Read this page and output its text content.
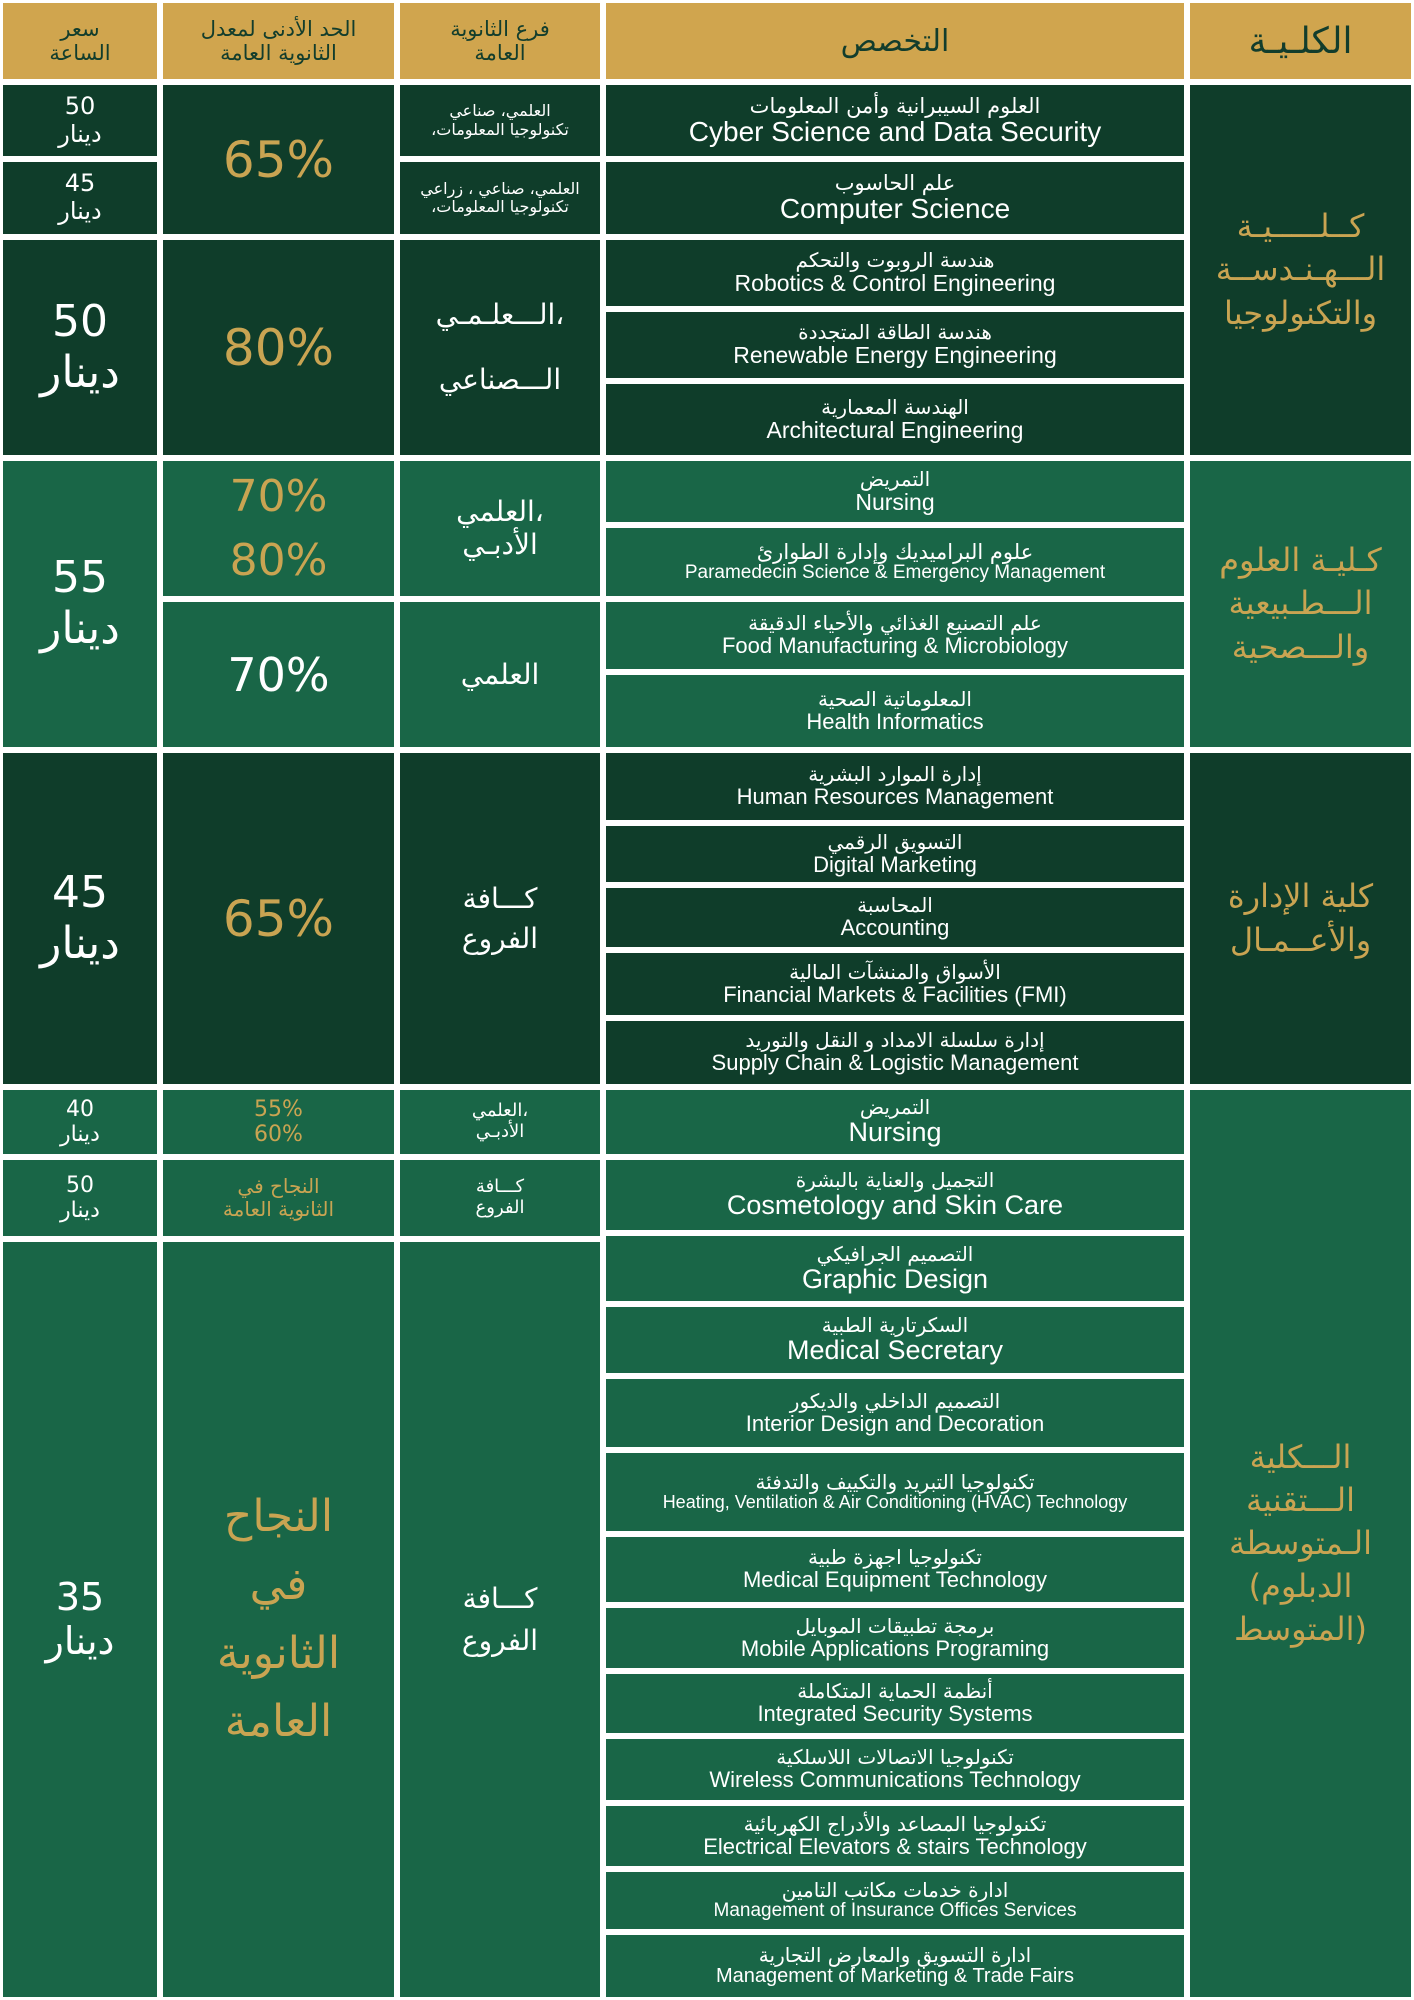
سعر
الساعة
الحد الأدنى لمعدل
الثانوية العامة
فرع الثانوية
العامة	التخصص	الكلـيـة
كــلـــــيـة
الـــهـنـدســة
والتكنولوجيا
كـليـة العلوم
الـــطـبيعية
والـــصحية
كلية الإدارة
والأعــمـال
الـــكلية
الـــتقنية
الـمتوسطة
(الدبلوم
المتوسط)
50
دينار
45
دينار
50
دينار
55
دينار
45
دينار
40
دينار
50
دينار
35
دينار
65%
80%
70%
80%
70%
65%
55%
60%
النجاح في
الثانوية العامة
النجاح
في
الثانوية
العامة
العلمي، صناعي
،تكنولوجيا المعلومات
العلمي، صناعي ، زراعي
،تكنولوجيا المعلومات
الـــعلـمـي،

الـــصناعي
العلمي،
الأدبـي
العلمي
كـــافة
الفروع
العلمي،
الأدبـي
كـــافة
الفروع
كـــافة
الفروع
العلوم السيبرانية وأمن المعلومات
Cyber Science and Data Security
علم الحاسوب
Computer Science
هندسة الروبوت والتحكم
Robotics & Control Engineering
هندسة الطاقة المتجددة
Renewable Energy Engineering
الهندسة المعمارية
Architectural Engineering
التمريض
Nursing
علوم البراميديك وإدارة الطوارئ
Paramedecin Science & Emergency Management
علم التصنيع الغذائي والأحياء الدقيقة
Food Manufacturing & Microbiology
المعلوماتية الصحية
Health Informatics
إدارة الموارد البشرية
Human Resources Management
التسويق الرقمي
Digital Marketing
المحاسبة
Accounting
الأسواق والمنشآت المالية
Financial Markets & Facilities (FMI)
إدارة سلسلة الامداد و النقل والتوريد
Supply Chain & Logistic Management
التمريض
Nursing
التجميل والعناية بالبشرة
Cosmetology and Skin Care
التصميم الجرافيكي
Graphic Design
السكرتارية الطبية
Medical Secretary
التصميم الداخلي والديكور
Interior Design and Decoration
تكنولوجيا التبريد والتكييف والتدفئة
Heating, Ventilation & Air Conditioning (HVAC) Technology
تكنولوجيا اجهزة طبية
Medical Equipment Technology
برمجة تطبيقات الموبايل
Mobile Applications Programing
أنظمة الحماية المتكاملة
Integrated Security Systems
تكنولوجيا الاتصالات اللاسلكية
Wireless Communications Technology
تكنولوجيا المصاعد والأدراج الكهربائية
Electrical Elevators & stairs Technology
ادارة خدمات مكاتب التامين
Management of Insurance Offices Services
ادارة التسويق والمعارض التجارية
Management of Marketing & Trade Fairs
